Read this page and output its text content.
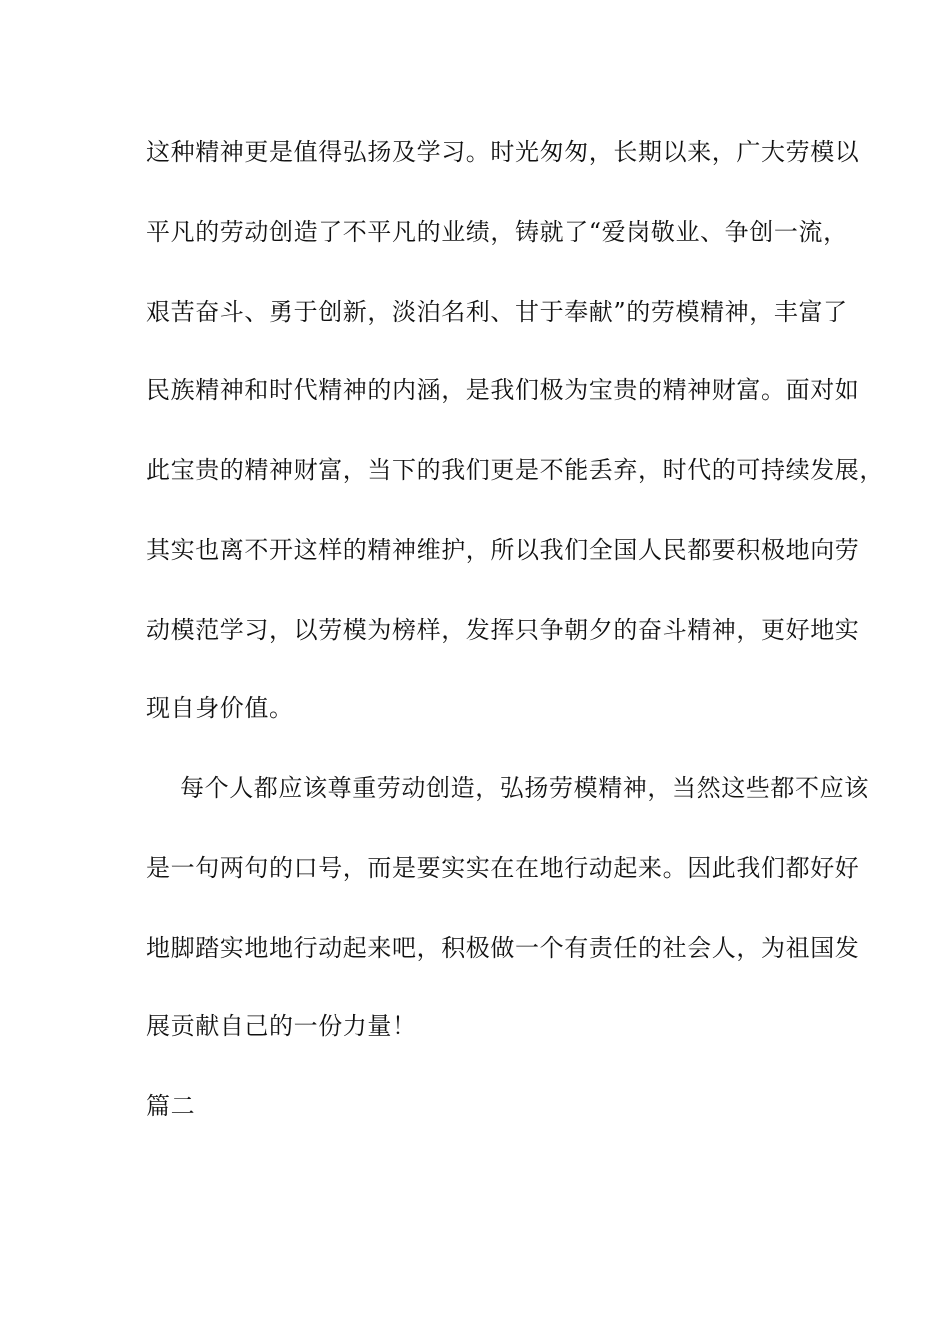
这种精神更是值得弘扬及学习。时光匆匆，长期以来，广大劳模以
平凡的劳动创造了不平凡的业绩，铸就了“爱岗敬业、争创一流，
艰苦奋斗、勇于创新，淡泊名利、甘于奉献”的劳模精神，丰富了
民族精神和时代精神的内涵，是我们极为宝贵的精神财富。面对如
此宝贵的精神财富，当下的我们更是不能丢弃，时代的可持续发展，
其实也离不开这样的精神维护，所以我们全国人民都要积极地向劳
动模范学习，以劳模为榜样，发挥只争朝夕的奋斗精神，更好地实
现自身价值。
每个人都应该尊重劳动创造，弘扬劳模精神，当然这些都不应该
是一句两句的口号，而是要实实在在地行动起来。因此我们都好好
地脚踏实地地行动起来吧，积极做一个有责任的社会人，为祖国发
展贡献自己的一份力量！
篇二
